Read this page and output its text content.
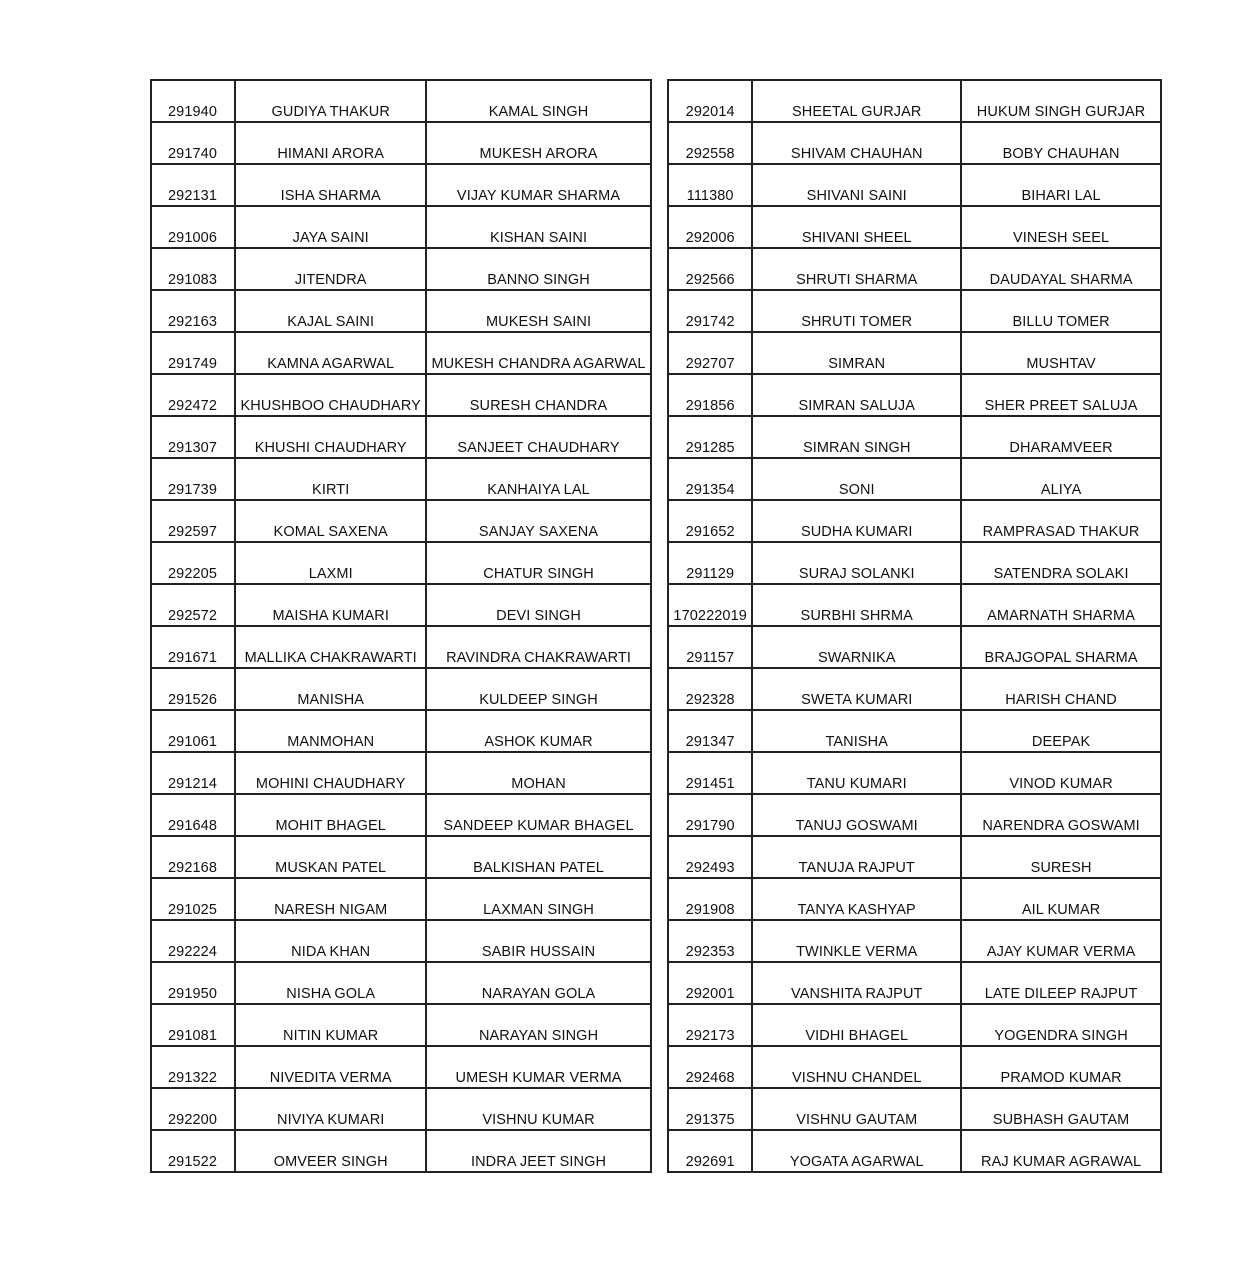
291940	GUDIYA THAKUR	KAMAL SINGH
291740	HIMANI ARORA	MUKESH ARORA
292131	ISHA SHARMA	VIJAY KUMAR SHARMA
291006	JAYA SAINI	KISHAN SAINI
291083	JITENDRA	BANNO SINGH
292163	KAJAL SAINI	MUKESH SAINI
291749	KAMNA AGARWAL	MUKESH CHANDRA AGARWAL
292472	KHUSHBOO CHAUDHARY	SURESH CHANDRA
291307	KHUSHI CHAUDHARY	SANJEET CHAUDHARY
291739	KIRTI	KANHAIYA LAL
292597	KOMAL SAXENA	SANJAY SAXENA
292205	LAXMI	CHATUR SINGH
292572	MAISHA KUMARI	DEVI SINGH
291671	MALLIKA CHAKRAWARTI	RAVINDRA CHAKRAWARTI
291526	MANISHA	KULDEEP SINGH
291061	MANMOHAN	ASHOK KUMAR
291214	MOHINI CHAUDHARY	MOHAN
291648	MOHIT BHAGEL	SANDEEP KUMAR BHAGEL
292168	MUSKAN PATEL	BALKISHAN PATEL
291025	NARESH NIGAM	LAXMAN SINGH
292224	NIDA KHAN	SABIR HUSSAIN
291950	NISHA GOLA	NARAYAN GOLA
291081	NITIN KUMAR	NARAYAN SINGH
291322	NIVEDITA VERMA	UMESH KUMAR VERMA
292200	NIVIYA KUMARI	VISHNU KUMAR
291522	OMVEER SINGH	INDRA JEET SINGH
292014	SHEETAL GURJAR	HUKUM SINGH GURJAR
292558	SHIVAM CHAUHAN	BOBY CHAUHAN
111380	SHIVANI SAINI	BIHARI LAL
292006	SHIVANI SHEEL	VINESH SEEL
292566	SHRUTI SHARMA	DAUDAYAL SHARMA
291742	SHRUTI TOMER	BILLU TOMER
292707	SIMRAN	MUSHTAV
291856	SIMRAN SALUJA	SHER PREET SALUJA
291285	SIMRAN SINGH	DHARAMVEER
291354	SONI	ALIYA
291652	SUDHA KUMARI	RAMPRASAD THAKUR
291129	SURAJ SOLANKI	SATENDRA SOLAKI
170222019	SURBHI SHRMA	AMARNATH SHARMA
291157	SWARNIKA	BRAJGOPAL SHARMA
292328	SWETA KUMARI	HARISH CHAND
291347	TANISHA	DEEPAK
291451	TANU KUMARI	VINOD KUMAR
291790	TANUJ GOSWAMI	NARENDRA GOSWAMI
292493	TANUJA RAJPUT	SURESH
291908	TANYA KASHYAP	AIL KUMAR
292353	TWINKLE VERMA	AJAY KUMAR VERMA
292001	VANSHITA RAJPUT	LATE DILEEP RAJPUT
292173	VIDHI BHAGEL	YOGENDRA SINGH
292468	VISHNU CHANDEL	PRAMOD KUMAR
291375	VISHNU GAUTAM	SUBHASH GAUTAM
292691	YOGATA AGARWAL	RAJ KUMAR AGRAWAL
